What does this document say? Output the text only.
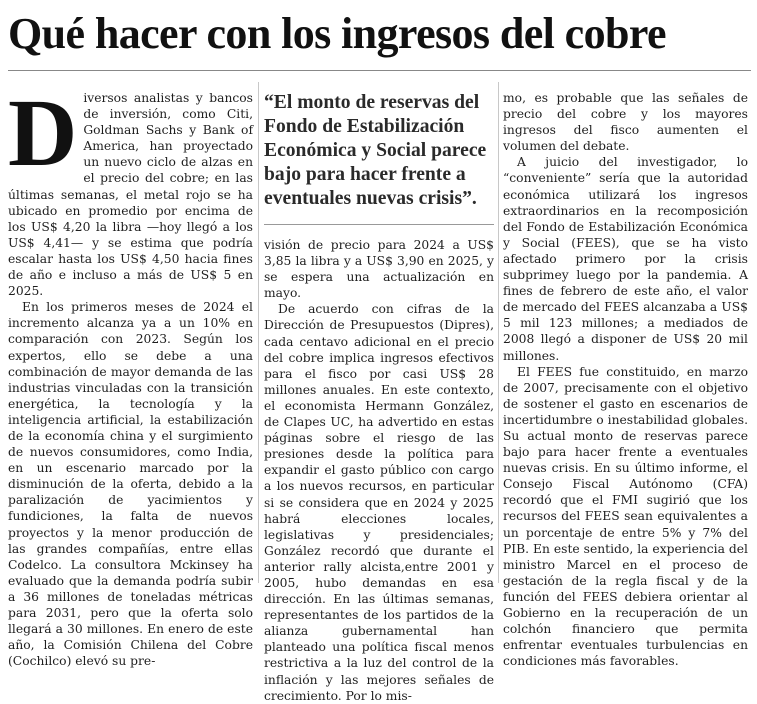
Qué hacer con los ingresos del cobre

Diversos analistas y bancos de inversión, como Citi, Goldman Sachs y Bank of America, han proyectado un nuevo ciclo de alzas en el precio del cobre; en las últimas semanas, el metal rojo se ha ubicado en promedio por encima de los US$ 4,20 la libra —hoy llegó a los US$ 4,41— y se estima que podría escalar hasta los US$ 4,50 hacia fines de año e incluso a más de US$ 5 en 2025.

En los primeros meses de 2024 el incremento alcanza ya a un 10% en comparación con 2023. Según los expertos, ello se debe a una combinación de mayor demanda de las industrias vinculadas con la transición energética, la tecnología y la inteligencia artificial, la estabilización de la economía china y el surgimiento de nuevos consumidores, como India, en un escenario marcado por la disminución de la oferta, debido a la paralización de yacimientos y fundiciones, la falta de nuevos proyectos y la menor producción de las grandes compañías, entre ellas Codelco. La consultora Mckinsey ha evaluado que la demanda podría subir a 36 millones de toneladas métricas para 2031, pero que la oferta solo llegará a 30 millones. En enero de este año, la Comisión Chilena del Cobre (Cochilco) elevó su pre-

“El monto de reservas del Fondo de Estabilización Económica y Social parece bajo para hacer frente a eventuales nuevas crisis”.

visión de precio para 2024 a US$ 3,85 la libra y a US$ 3,90 en 2025, y se espera una actualización en mayo.

De acuerdo con cifras de la Dirección de Presupuestos (Dipres), cada centavo adicional en el precio del cobre implica ingresos efectivos para el fisco por casi US$ 28 millones anuales. En este contexto, el economista Hermann González, de Clapes UC, ha advertido en estas páginas sobre el riesgo de las presiones desde la política para expandir el gasto público con cargo a los nuevos recursos, en particular si se considera que en 2024 y 2025 habrá elecciones locales, legislativas y presidenciales; González recordó que durante el anterior rally alcista,entre 2001 y 2005, hubo demandas en esa dirección. En las últimas semanas, representantes de los partidos de la alianza gubernamental han planteado una política fiscal menos restrictiva a la luz del control de la inflación y las mejores señales de crecimiento. Por lo mis-

mo, es probable que las señales de precio del cobre y los mayores ingresos del fisco aumenten el volumen del debate.

A juicio del investigador, lo “conveniente” sería que la autoridad económica utilizará los ingresos extraordinarios en la recomposición del Fondo de Estabilización Económica y Social (FEES), que se ha visto afectado primero por la crisis subprimey luego por la pandemia. A fines de febrero de este año, el valor de mercado del FEES alcanzaba a US$ 5 mil 123 millones; a mediados de 2008 llegó a disponer de US$ 20 mil millones.

El FEES fue constituido, en marzo de 2007, precisamente con el objetivo de sostener el gasto en escenarios de incertidumbre o inestabilidad globales. Su actual monto de reservas parece bajo para hacer frente a eventuales nuevas crisis. En su último informe, el Consejo Fiscal Autónomo (CFA) recordó que el FMI sugirió que los recursos del FEES sean equivalentes a un porcentaje de entre 5% y 7% del PIB. En este sentido, la experiencia del ministro Marcel en el proceso de gestación de la regla fiscal y de la función del FEES debiera orientar al Gobierno en la recuperación de un colchón financiero que permita enfrentar eventuales turbulencias en condiciones más favorables.
